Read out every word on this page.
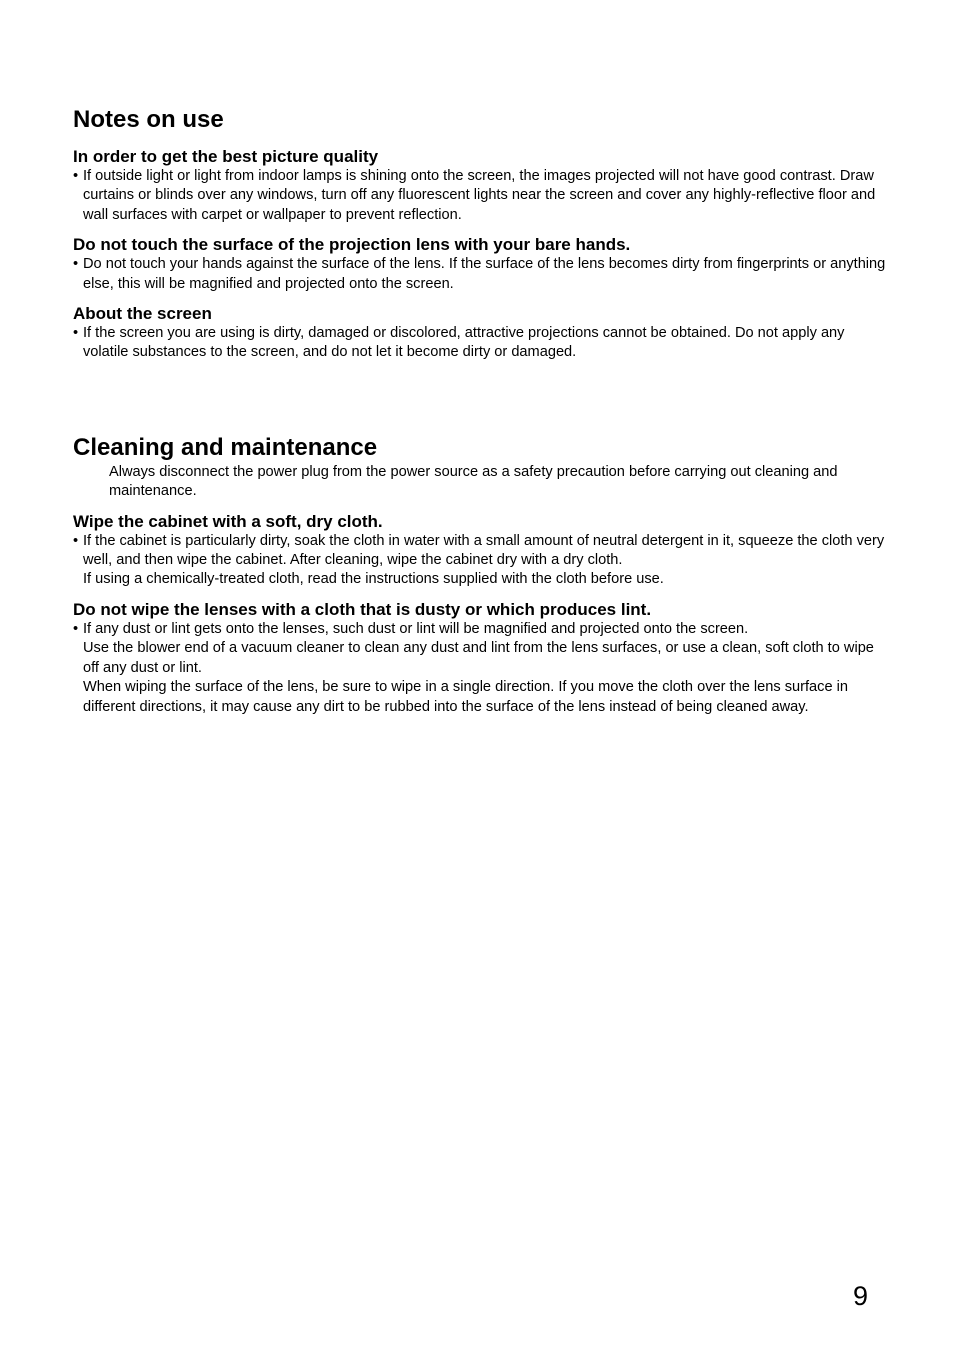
Notes on use
In order to get the best picture quality
• If outside light or light from indoor lamps is shining onto the screen, the images projected will not have good contrast. Draw curtains or blinds over any windows, turn off any fluorescent lights near the screen and cover any highly-reflective floor and wall surfaces with carpet or wallpaper to prevent reflection.
Do not touch the surface of the projection lens with your bare hands.
• Do not touch your hands against the surface of the lens. If the surface of the lens becomes dirty from fingerprints or anything else, this will be magnified and projected onto the screen.
About the screen
• If the screen you are using is dirty, damaged or discolored, attractive projections cannot be obtained. Do not apply any volatile substances to the screen, and do not let it become dirty or damaged.
Cleaning and maintenance
Always disconnect the power plug from the power source as a safety precaution before carrying out cleaning and maintenance.
Wipe the cabinet with a soft, dry cloth.
• If the cabinet is particularly dirty, soak the cloth in water with a small amount of neutral detergent in it, squeeze the cloth very well, and then wipe the cabinet. After cleaning, wipe the cabinet dry with a dry cloth.
If using a chemically-treated cloth, read the instructions supplied with the cloth before use.
Do not wipe the lenses with a cloth that is dusty or which produces lint.
• If any dust or lint gets onto the lenses, such dust or lint will be magnified and projected onto the screen.
Use the blower end of a vacuum cleaner to clean any dust and lint from the lens surfaces, or use a clean, soft cloth to wipe off any dust or lint.
When wiping the surface of the lens, be sure to wipe in a single direction. If you move the cloth over the lens surface in different directions, it may cause any dirt to be rubbed into the surface of the lens instead of being cleaned away.
9
